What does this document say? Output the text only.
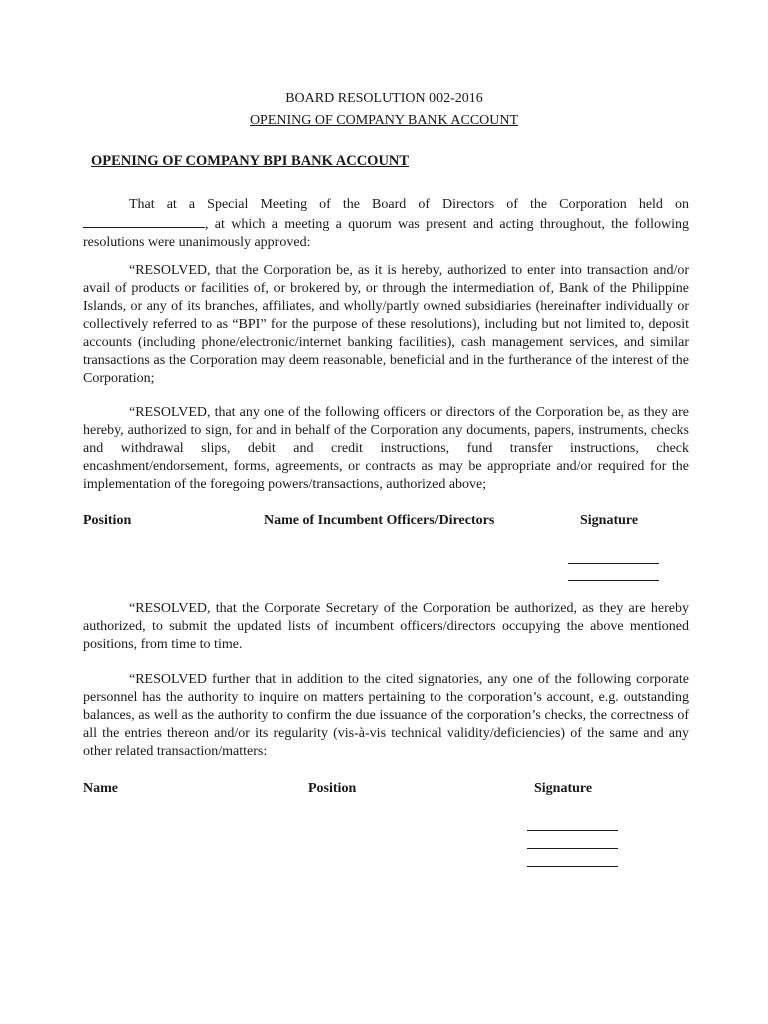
BOARD RESOLUTION 002-2016
OPENING OF COMPANY BANK ACCOUNT
OPENING OF COMPANY BPI BANK ACCOUNT
That at a Special Meeting of the Board of Directors of the Corporation held on , at which a meeting a quorum was present and acting throughout, the following resolutions were unanimously approved:
“RESOLVED, that the Corporation be, as it is hereby, authorized to enter into transaction and/or avail of products or facilities of, or brokered by, or through the intermediation of, Bank of the Philippine Islands, or any of its branches, affiliates, and wholly/partly owned subsidiaries (hereinafter individually or collectively referred to as “BPI” for the purpose of these resolutions), including but not limited to, deposit accounts (including phone/electronic/internet banking facilities), cash management services, and similar transactions as the Corporation may deem reasonable, beneficial and in the furtherance of the interest of the Corporation;
“RESOLVED, that any one of the following officers or directors of the Corporation be, as they are hereby, authorized to sign, for and in behalf of the Corporation any documents, papers, instruments, checks and withdrawal slips, debit and credit instructions, fund transfer instructions, check encashment/endorsement, forms, agreements, or contracts as may be appropriate and/or required for the implementation of the foregoing powers/transactions, authorized above;
Position	Name of Incumbent Officers/Directors	Signature
“RESOLVED, that the Corporate Secretary of the Corporation be authorized, as they are hereby authorized, to submit the updated lists of incumbent officers/directors occupying the above mentioned positions, from time to time.
“RESOLVED further that in addition to the cited signatories, any one of the following corporate personnel has the authority to inquire on matters pertaining to the corporation’s account, e.g. outstanding balances, as well as the authority to confirm the due issuance of the corporation’s checks, the correctness of all the entries thereon and/or its regularity (vis-à-vis technical validity/deficiencies) of the same and any other related transaction/matters:
Name	Position	Signature
